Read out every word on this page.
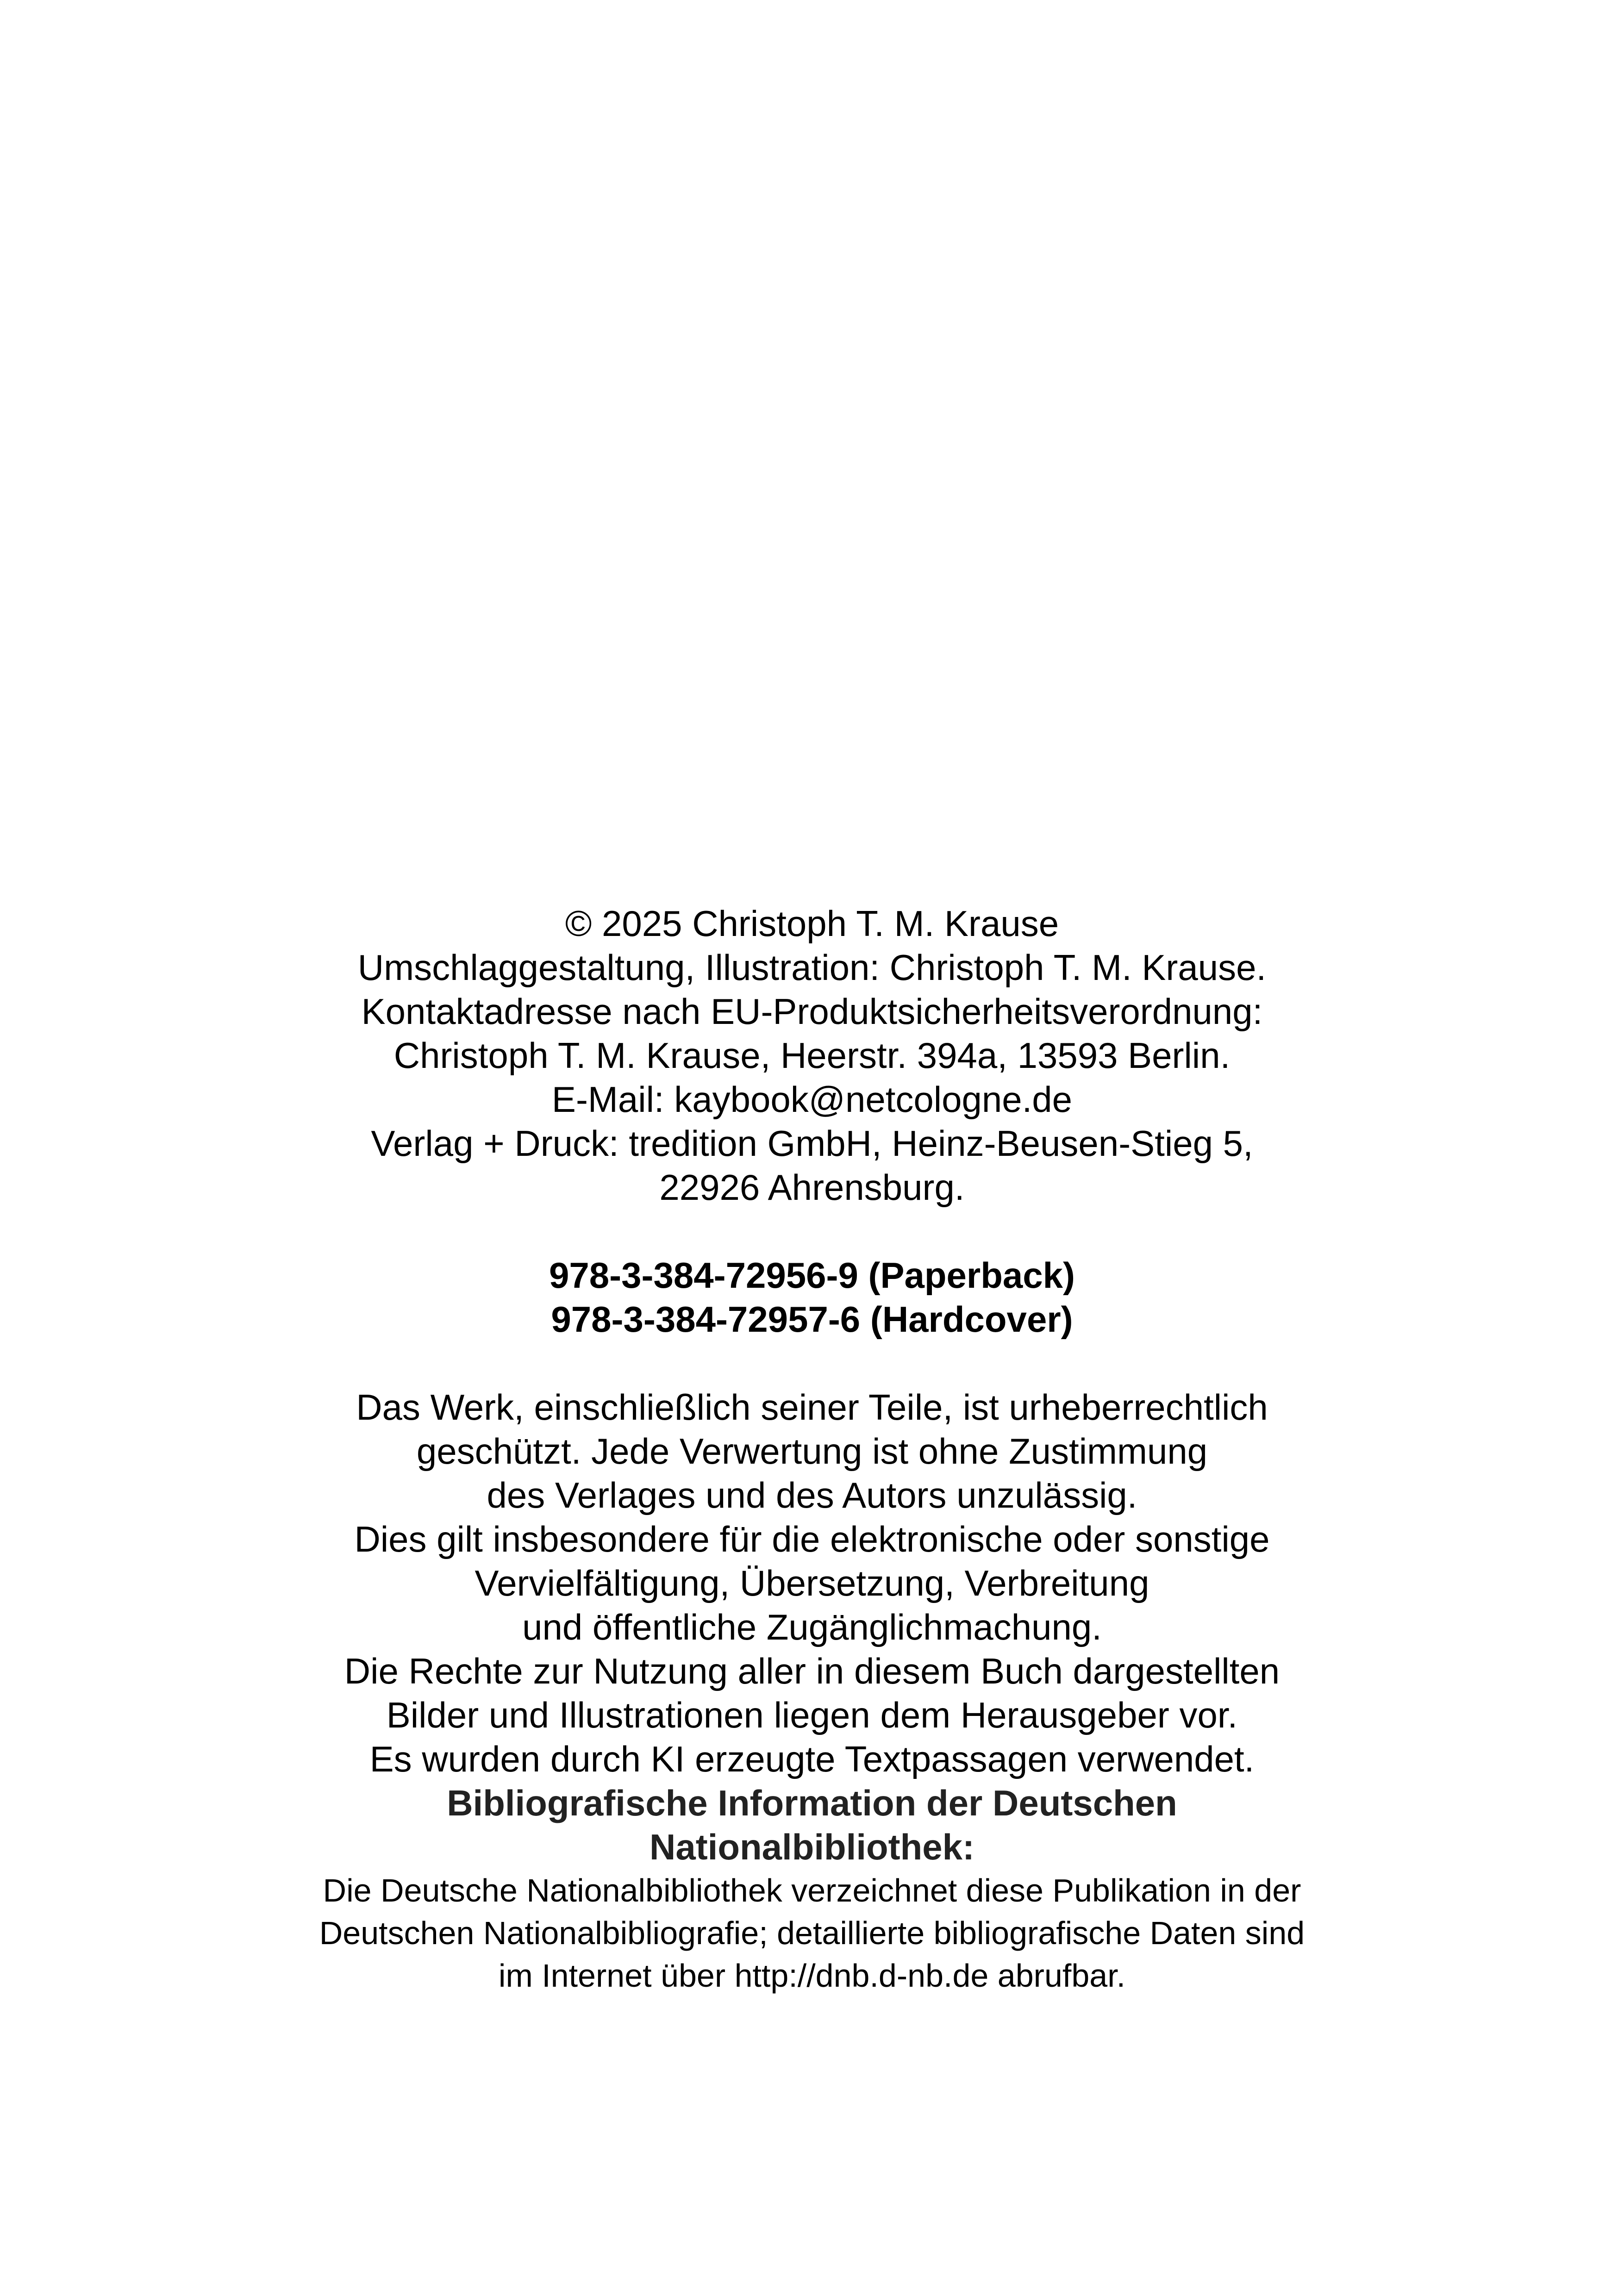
© 2025 Christoph T. M. Krause
Umschlaggestaltung, Illustration: Christoph T. M. Krause.
Kontaktadresse nach EU-Produktsicherheitsverordnung:
Christoph T. M. Krause, Heerstr. 394a, 13593 Berlin.
E-Mail: kaybook@netcologne.de
Verlag + Druck: tredition GmbH, Heinz-Beusen-Stieg 5,
22926 Ahrensburg.
978-3-384-72956-9 (Paperback)
978-3-384-72957-6 (Hardcover)
Das Werk, einschließlich seiner Teile, ist urheberrechtlich
geschützt. Jede Verwertung ist ohne Zustimmung
des Verlages und des Autors unzulässig.
Dies gilt insbesondere für die elektronische oder sonstige
Vervielfältigung, Übersetzung, Verbreitung
und öffentliche Zugänglichmachung.
Die Rechte zur Nutzung aller in diesem Buch dargestellten
Bilder und Illustrationen liegen dem Herausgeber vor.
Es wurden durch KI erzeugte Textpassagen verwendet.
Bibliografische Information der Deutschen
Nationalbibliothek:
Die Deutsche Nationalbibliothek verzeichnet diese Publikation in der
Deutschen Nationalbibliografie; detaillierte bibliografische Daten sind
im Internet über http://dnb.d-nb.de abrufbar.
